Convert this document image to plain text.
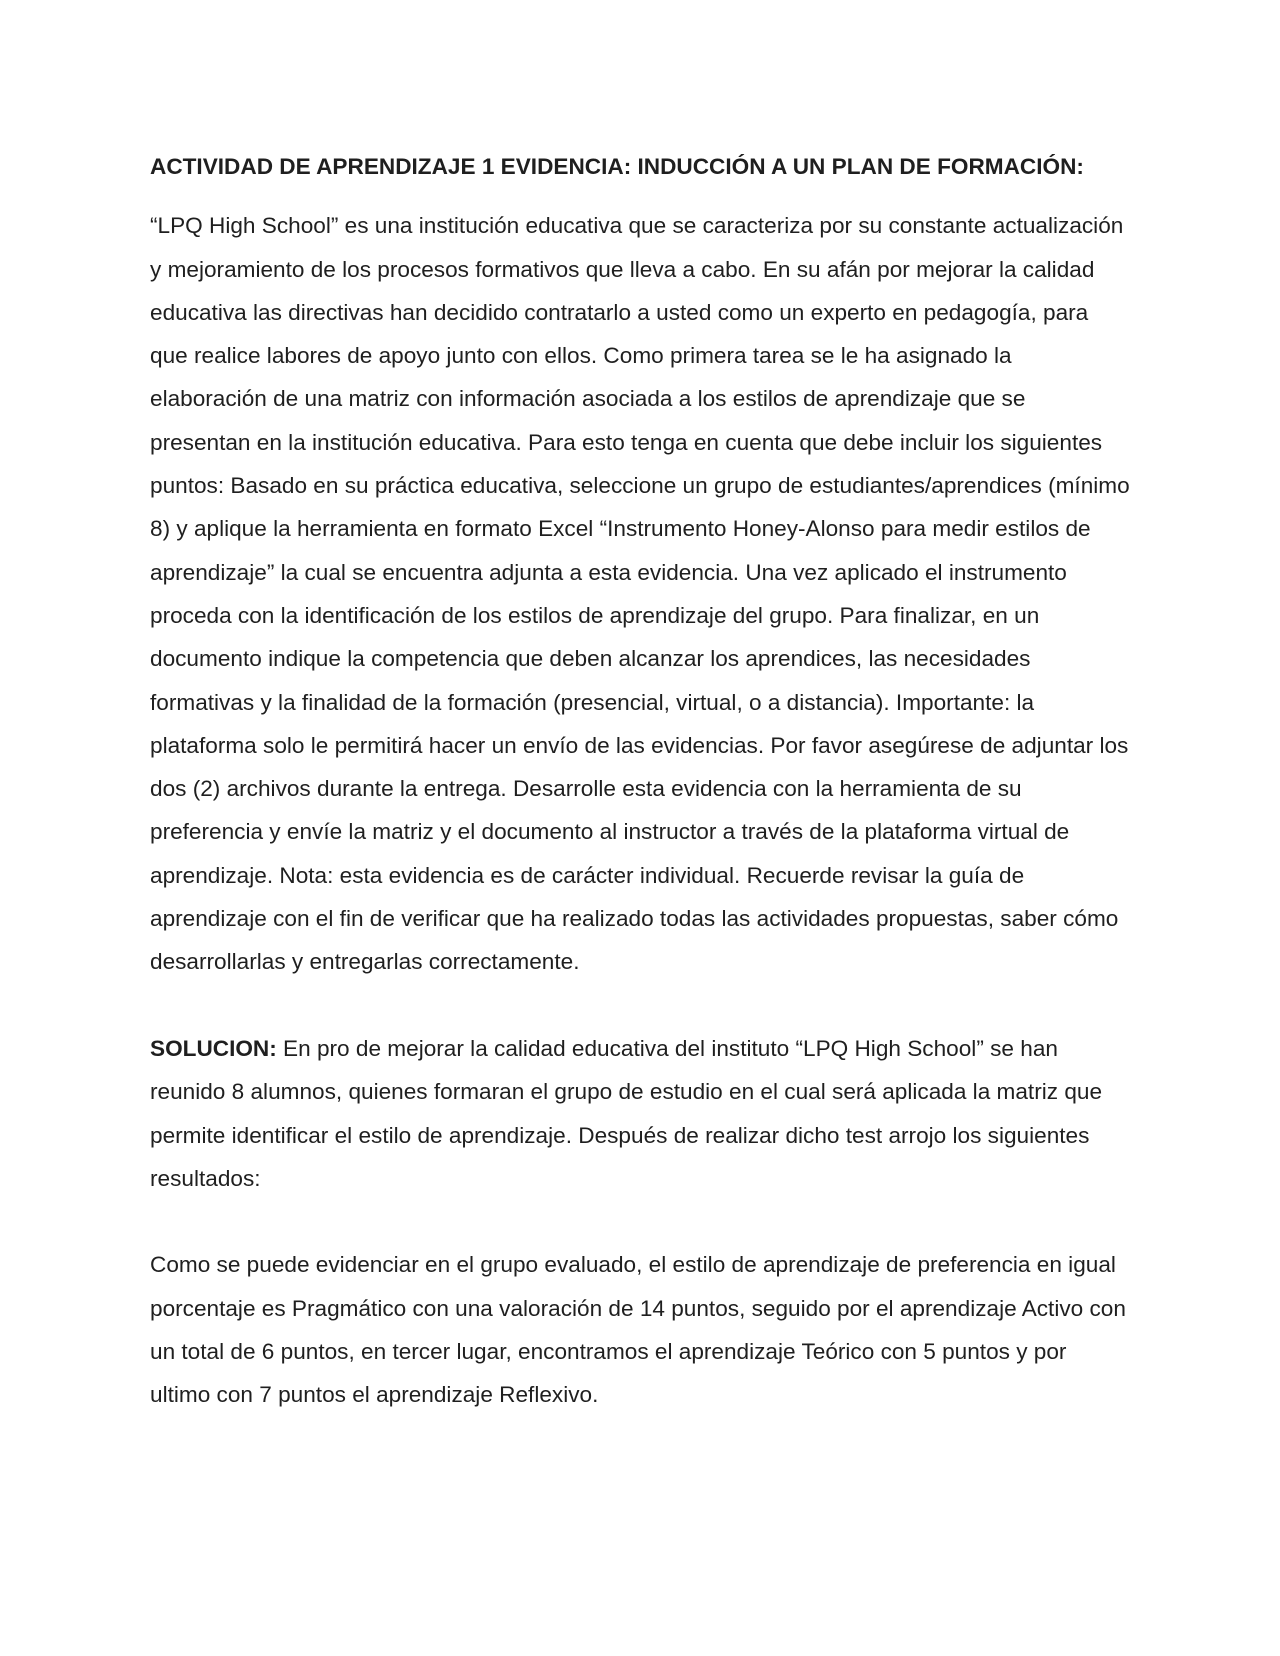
ACTIVIDAD DE APRENDIZAJE 1 EVIDENCIA: INDUCCIÓN A UN PLAN DE FORMACIÓN:

“LPQ High School” es una institución educativa que se caracteriza por su constante actualización y mejoramiento de los procesos formativos que lleva a cabo. En su afán por mejorar la calidad educativa las directivas han decidido contratarlo a usted como un experto en pedagogía, para que realice labores de apoyo junto con ellos. Como primera tarea se le ha asignado la elaboración de una matriz con información asociada a los estilos de aprendizaje que se presentan en la institución educativa. Para esto tenga en cuenta que debe incluir los siguientes puntos: Basado en su práctica educativa, seleccione un grupo de estudiantes/aprendices (mínimo 8) y aplique la herramienta en formato Excel “Instrumento Honey-Alonso para medir estilos de aprendizaje” la cual se encuentra adjunta a esta evidencia. Una vez aplicado el instrumento proceda con la identificación de los estilos de aprendizaje del grupo. Para finalizar, en un documento indique la competencia que deben alcanzar los aprendices, las necesidades formativas y la finalidad de la formación (presencial, virtual, o a distancia). Importante: la plataforma solo le permitirá hacer un envío de las evidencias. Por favor asegúrese de adjuntar los dos (2) archivos durante la entrega. Desarrolle esta evidencia con la herramienta de su preferencia y envíe la matriz y el documento al instructor a través de la plataforma virtual de aprendizaje. Nota: esta evidencia es de carácter individual. Recuerde revisar la guía de aprendizaje con el fin de verificar que ha realizado todas las actividades propuestas, saber cómo desarrollarlas y entregarlas correctamente.

SOLUCION: En pro de mejorar la calidad educativa del instituto “LPQ High School” se han reunido 8 alumnos, quienes formaran el grupo de estudio en el cual será aplicada la matriz que permite identificar el estilo de aprendizaje. Después de realizar dicho test arrojo los siguientes resultados:

Como se puede evidenciar en el grupo evaluado, el estilo de aprendizaje de preferencia en igual porcentaje es Pragmático con una valoración de 14 puntos, seguido por el aprendizaje Activo con un total de 6 puntos, en tercer lugar, encontramos el aprendizaje Teórico con 5 puntos y por ultimo con 7 puntos el aprendizaje Reflexivo.
